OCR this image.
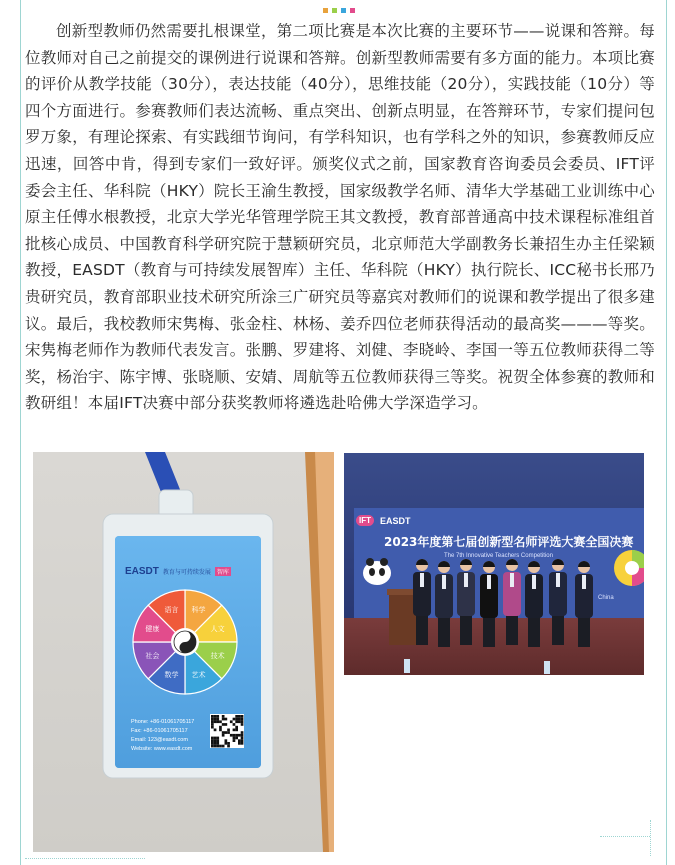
创新型教师仍然需要扎根课堂，第二项比赛是本次比赛的主要环节——说课和答辩。每位教师对自己之前提交的课例进行说课和答辩。创新型教师需要有多方面的能力。本项比赛的评价从教学技能（30分），表达技能（40分），思维技能（20分），实践技能（10分）等四个方面进行。参赛教师们表达流畅、重点突出、创新点明显，在答辩环节，专家们提问包罗万象，有理论探索、有实践细节询问，有学科知识，也有学科之外的知识，参赛教师反应迅速，回答中肯，得到专家们一致好评。颁奖仪式之前，国家教育咨询委员会委员、IFT评委会主任、华科院（HKY）院长王渝生教授，国家级教学名师、清华大学基础工业训练中心原主任傅水根教授，北京大学光华管理学院王其文教授，教育部普通高中技术课程标准组首批核心成员、中国教育科学研究院于慧颖研究员，北京师范大学副教务长兼招生办主任梁颖教授，EASDT（教育与可持续发展智库）主任、华科院（HKY）执行院长、ICC秘书长邢乃贵研究员，教育部职业技术研究所涂三广研究员等嘉宾对教师们的说课和教学提出了很多建议。最后，我校教师宋隽梅、张金柱、林杨、姜乔四位老师获得活动的最高奖———等奖。宋隽梅老师作为教师代表发言。张鹏、罗建将、刘健、李晓岭、李国一等五位教师获得二等奖，杨治宇、陈宇博、张晓顺、安婧、周航等五位教师获得三等奖。祝贺全体参赛的教师和教研组！本届IFT决赛中部分获奖教师将遴选赴哈佛大学深造学习。

科学
人文
技术
艺术
数学
社会
健康
语言
EASDT 教育与可持续发展	智库
Phone: +86-01061705117
Fax: +86-01061705117
Email: 123@easdt.com
Website: www.easdt.com
IFT	EASDT
2023年度第七届创新型名师评选大赛全国决赛
The 7th Innovative Teachers Competition
China
